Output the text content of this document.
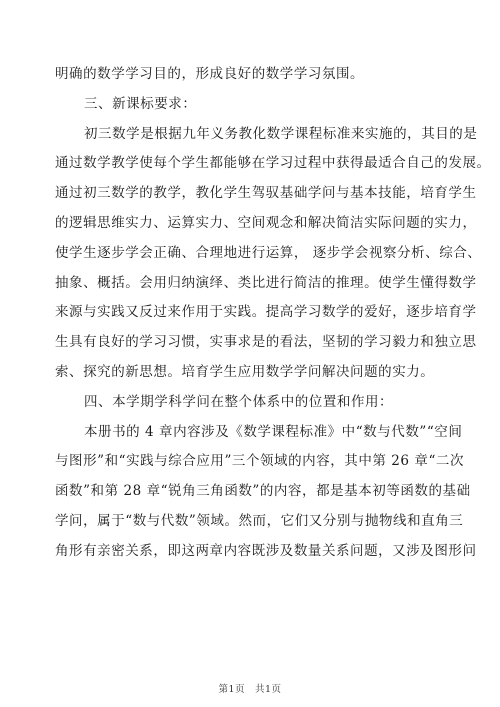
明确的数学学习目的，形成良好的数学学习氛围。
三、新课标要求：
初三数学是根据九年义务教化数学课程标准来实施的，其目的是
通过数学教学使每个学生都能够在学习过程中获得最适合自己的发展。
通过初三数学的教学，教化学生驾驭基础学问与基本技能，培育学生
的逻辑思维实力、运算实力、空间观念和解决简洁实际问题的实力，
使学生逐步学会正确、合理地进行运算， 逐步学会视察分析、综合、
抽象、概括。会用归纳演绎、类比进行简洁的推理。使学生懂得数学
来源与实践又反过来作用于实践。提高学习数学的爱好，逐步培育学
生具有良好的学习习惯，实事求是的看法，坚韧的学习毅力和独立思
索、探究的新思想。培育学生应用数学学问解决问题的实力。
四、本学期学科学问在整个体系中的位置和作用：
本册书的 4 章内容涉及《数学课程标准》中“数与代数”“空间
与图形”和“实践与综合应用”三个领域的内容，其中第 26 章“二次
函数”和第 28 章“锐角三角函数”的内容，都是基本初等函数的基础
学问，属于“数与代数”领域。然而，它们又分别与抛物线和直角三
角形有亲密关系，即这两章内容既涉及数量关系问题，又涉及图形问
第1页　共1页
